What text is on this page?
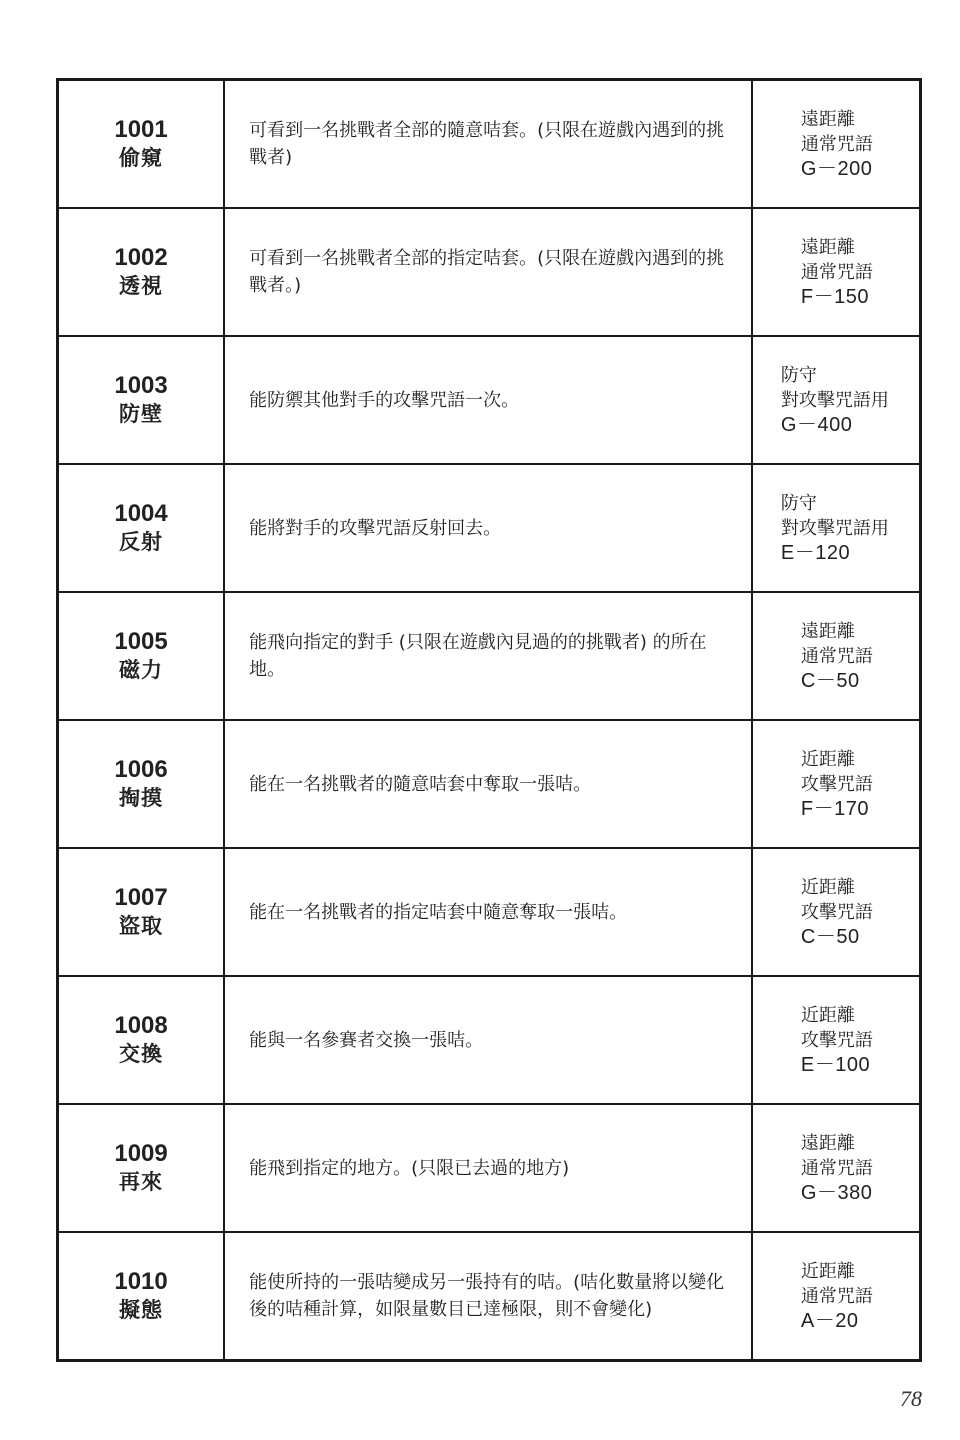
1001
偷窺	可看到一名挑戰者全部的隨意咭套。(只限在遊戲內遇到的挑戰者)	遠距離
通常咒語
G－200

1002
透視	可看到一名挑戰者全部的指定咭套。(只限在遊戲內遇到的挑戰者。)	遠距離
通常咒語
F－150

1003
防壁	能防禦其他對手的攻擊咒語一次。	防守
對攻擊咒語用
G－400

1004
反射	能將對手的攻擊咒語反射回去。	防守
對攻擊咒語用
E－120

1005
磁力	能飛向指定的對手 (只限在遊戲內見過的的挑戰者) 的所在地。	遠距離
通常咒語
C－50

1006
掏摸	能在一名挑戰者的隨意咭套中奪取一張咭。	近距離
攻擊咒語
F－170

1007
盜取	能在一名挑戰者的指定咭套中隨意奪取一張咭。	近距離
攻擊咒語
C－50

1008
交換	能與一名參賽者交換一張咭。	近距離
攻擊咒語
E－100

1009
再來	能飛到指定的地方。(只限已去過的地方)	遠距離
通常咒語
G－380

1010
擬態	能使所持的一張咭變成另一張持有的咭。(咭化數量將以變化後的咭種計算，如限量數目已達極限，則不會變化)	近距離
通常咒語
A－20
78
